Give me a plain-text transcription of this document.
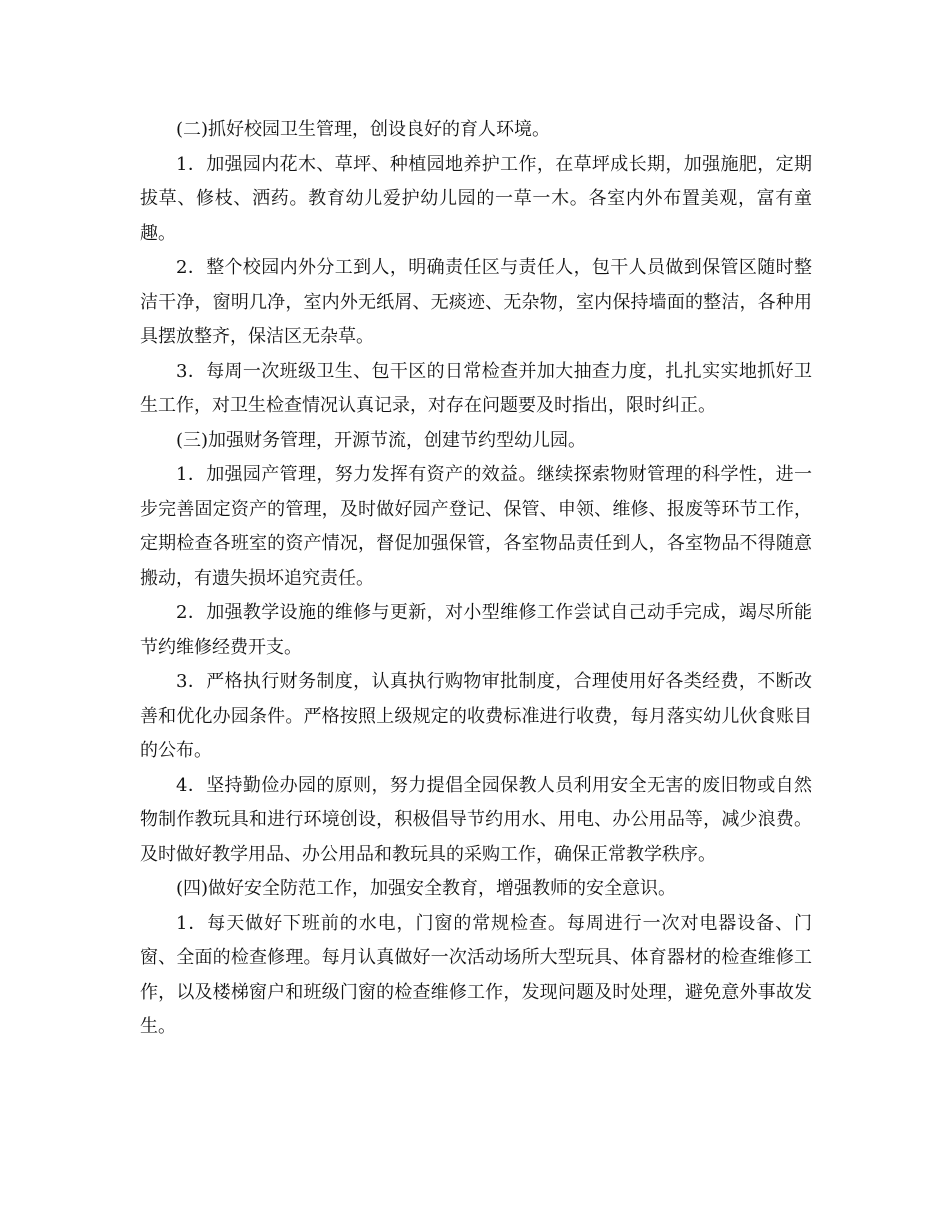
(二)抓好校园卫生管理，创设良好的育人环境。

1．加强园内花木、草坪、种植园地养护工作，在草坪成长期，加强施肥，定期拔草、修枝、洒药。教育幼儿爱护幼儿园的一草一木。各室内外布置美观，富有童趣。

2．整个校园内外分工到人，明确责任区与责任人，包干人员做到保管区随时整洁干净，窗明几净，室内外无纸屑、无痰迹、无杂物，室内保持墙面的整洁，各种用具摆放整齐，保洁区无杂草。

3．每周一次班级卫生、包干区的日常检查并加大抽查力度，扎扎实实地抓好卫生工作，对卫生检查情况认真记录，对存在问题要及时指出，限时纠正。

(三)加强财务管理，开源节流，创建节约型幼儿园。

1．加强园产管理，努力发挥有资产的效益。继续探索物财管理的科学性，进一步完善固定资产的管理，及时做好园产登记、保管、申领、维修、报废等环节工作，定期检查各班室的资产情况，督促加强保管，各室物品责任到人，各室物品不得随意搬动，有遗失损坏追究责任。

2．加强教学设施的维修与更新，对小型维修工作尝试自己动手完成，竭尽所能节约维修经费开支。

3．严格执行财务制度，认真执行购物审批制度，合理使用好各类经费，不断改善和优化办园条件。严格按照上级规定的收费标准进行收费，每月落实幼儿伙食账目的公布。

4．坚持勤俭办园的原则，努力提倡全园保教人员利用安全无害的废旧物或自然物制作教玩具和进行环境创设，积极倡导节约用水、用电、办公用品等，减少浪费。及时做好教学用品、办公用品和教玩具的采购工作，确保正常教学秩序。

(四)做好安全防范工作，加强安全教育，增强教师的安全意识。

1．每天做好下班前的水电，门窗的常规检查。每周进行一次对电器设备、门窗、全面的检查修理。每月认真做好一次活动场所大型玩具、体育器材的检查维修工作，以及楼梯窗户和班级门窗的检查维修工作，发现问题及时处理，避免意外事故发生。
